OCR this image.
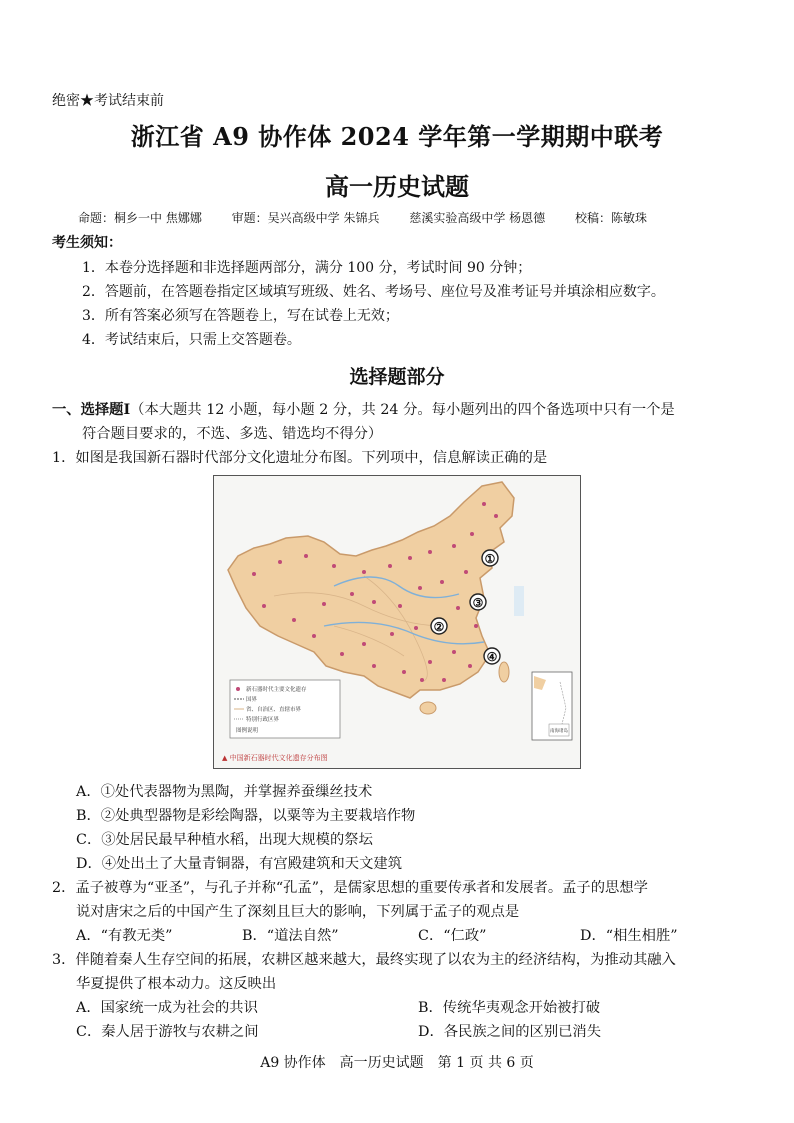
绝密★考试结束前
浙江省 A9 协作体 2024 学年第一学期期中联考
高一历史试题
命题：桐乡一中 焦娜娜 审题：吴兴高级中学 朱锦兵 慈溪实验高级中学 杨恩德 校稿：陈敏珠
考生须知：
1．本卷分选择题和非选择题两部分，满分 100 分，考试时间 90 分钟；
2．答题前，在答题卷指定区域填写班级、姓名、考场号、座位号及准考证号并填涂相应数字。
3．所有答案必须写在答题卷上，写在试卷上无效；
4．考试结束后，只需上交答题卷。
选择题部分
一、选择题Ⅰ（本大题共 12 小题，每小题 2 分，共 24 分。每小题列出的四个备选项中只有一个是
符合题目要求的，不选、多选、错选均不得分）
1．如图是我国新石器时代部分文化遗址分布图。下列项中，信息解读正确的是
①
②
③
④
新石器时代主要文化遗存
国界
省、自治区、直辖市界
特别行政区界
图例说明	南海诸岛
▲ 中国新石器时代文化遗存分布图
A．①处代表器物为黑陶，并掌握养蚕缫丝技术
B．②处典型器物是彩绘陶器，以粟等为主要栽培作物
C．③处居民最早种植水稻，出现大规模的祭坛
D．④处出土了大量青铜器，有宫殿建筑和天文建筑
2．孟子被尊为“亚圣”，与孔子并称“孔孟”，是儒家思想的重要传承者和发展者。孟子的思想学
说对唐宋之后的中国产生了深刻且巨大的影响，下列属于孟子的观点是
A．“有教无类”	B．“道法自然”	C．“仁政”	D．“相生相胜”
3．伴随着秦人生存空间的拓展，农耕区越来越大，最终实现了以农为主的经济结构，为推动其融入
华夏提供了根本动力。这反映出
A．国家统一成为社会的共识	B．传统华夷观念开始被打破
C．秦人居于游牧与农耕之间	D．各民族之间的区别已消失
A9 协作体　高一历史试题　第 1 页 共 6 页
